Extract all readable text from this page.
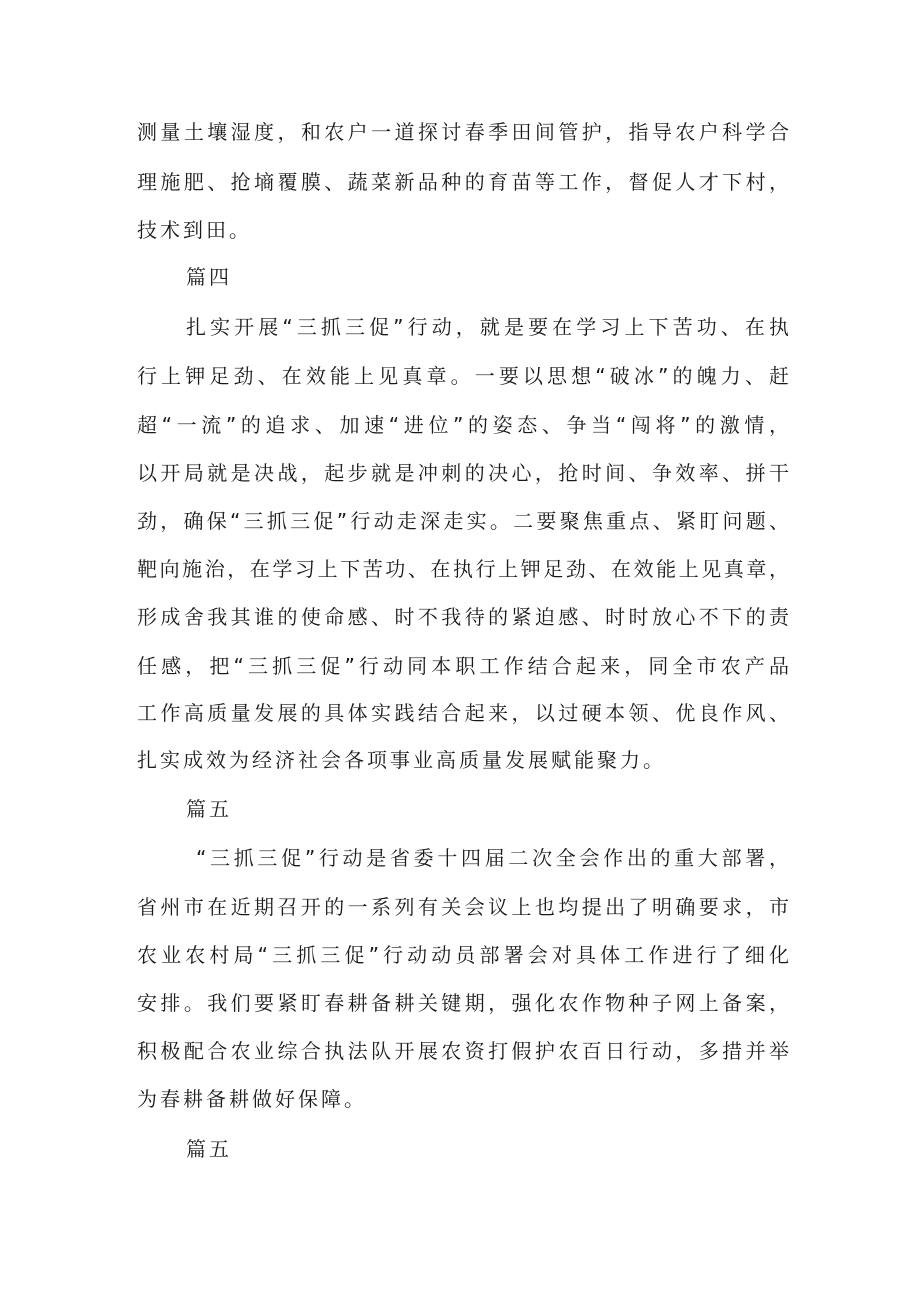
测量土壤湿度，和农户一道探讨春季田间管护，指导农户科学合

理施肥、抢墒覆膜、蔬菜新品种的育苗等工作，督促人才下村，

技术到田。

篇四

扎实开展“三抓三促”行动，就是要在学习上下苦功、在执

行上钾足劲、在效能上见真章。一要以思想“破冰”的魄力、赶

超“一流”的追求、加速“进位”的姿态、争当“闯将”的激情，

以开局就是决战，起步就是冲刺的决心，抢时间、争效率、拼干

劲，确保“三抓三促”行动走深走实。二要聚焦重点、紧盯问题、

靶向施治，在学习上下苦功、在执行上钾足劲、在效能上见真章，

形成舍我其谁的使命感、时不我待的紧迫感、时时放心不下的责

任感，把“三抓三促”行动同本职工作结合起来，同全市农产品

工作高质量发展的具体实践结合起来，以过硬本领、优良作风、

扎实成效为经济社会各项事业高质量发展赋能聚力。

篇五

“三抓三促”行动是省委十四届二次全会作出的重大部署，

省州市在近期召开的一系列有关会议上也均提出了明确要求，市

农业农村局“三抓三促”行动动员部署会对具体工作进行了细化

安排。我们要紧盯春耕备耕关键期，强化农作物种子网上备案，

积极配合农业综合执法队开展农资打假护农百日行动，多措并举

为春耕备耕做好保障。

篇五
